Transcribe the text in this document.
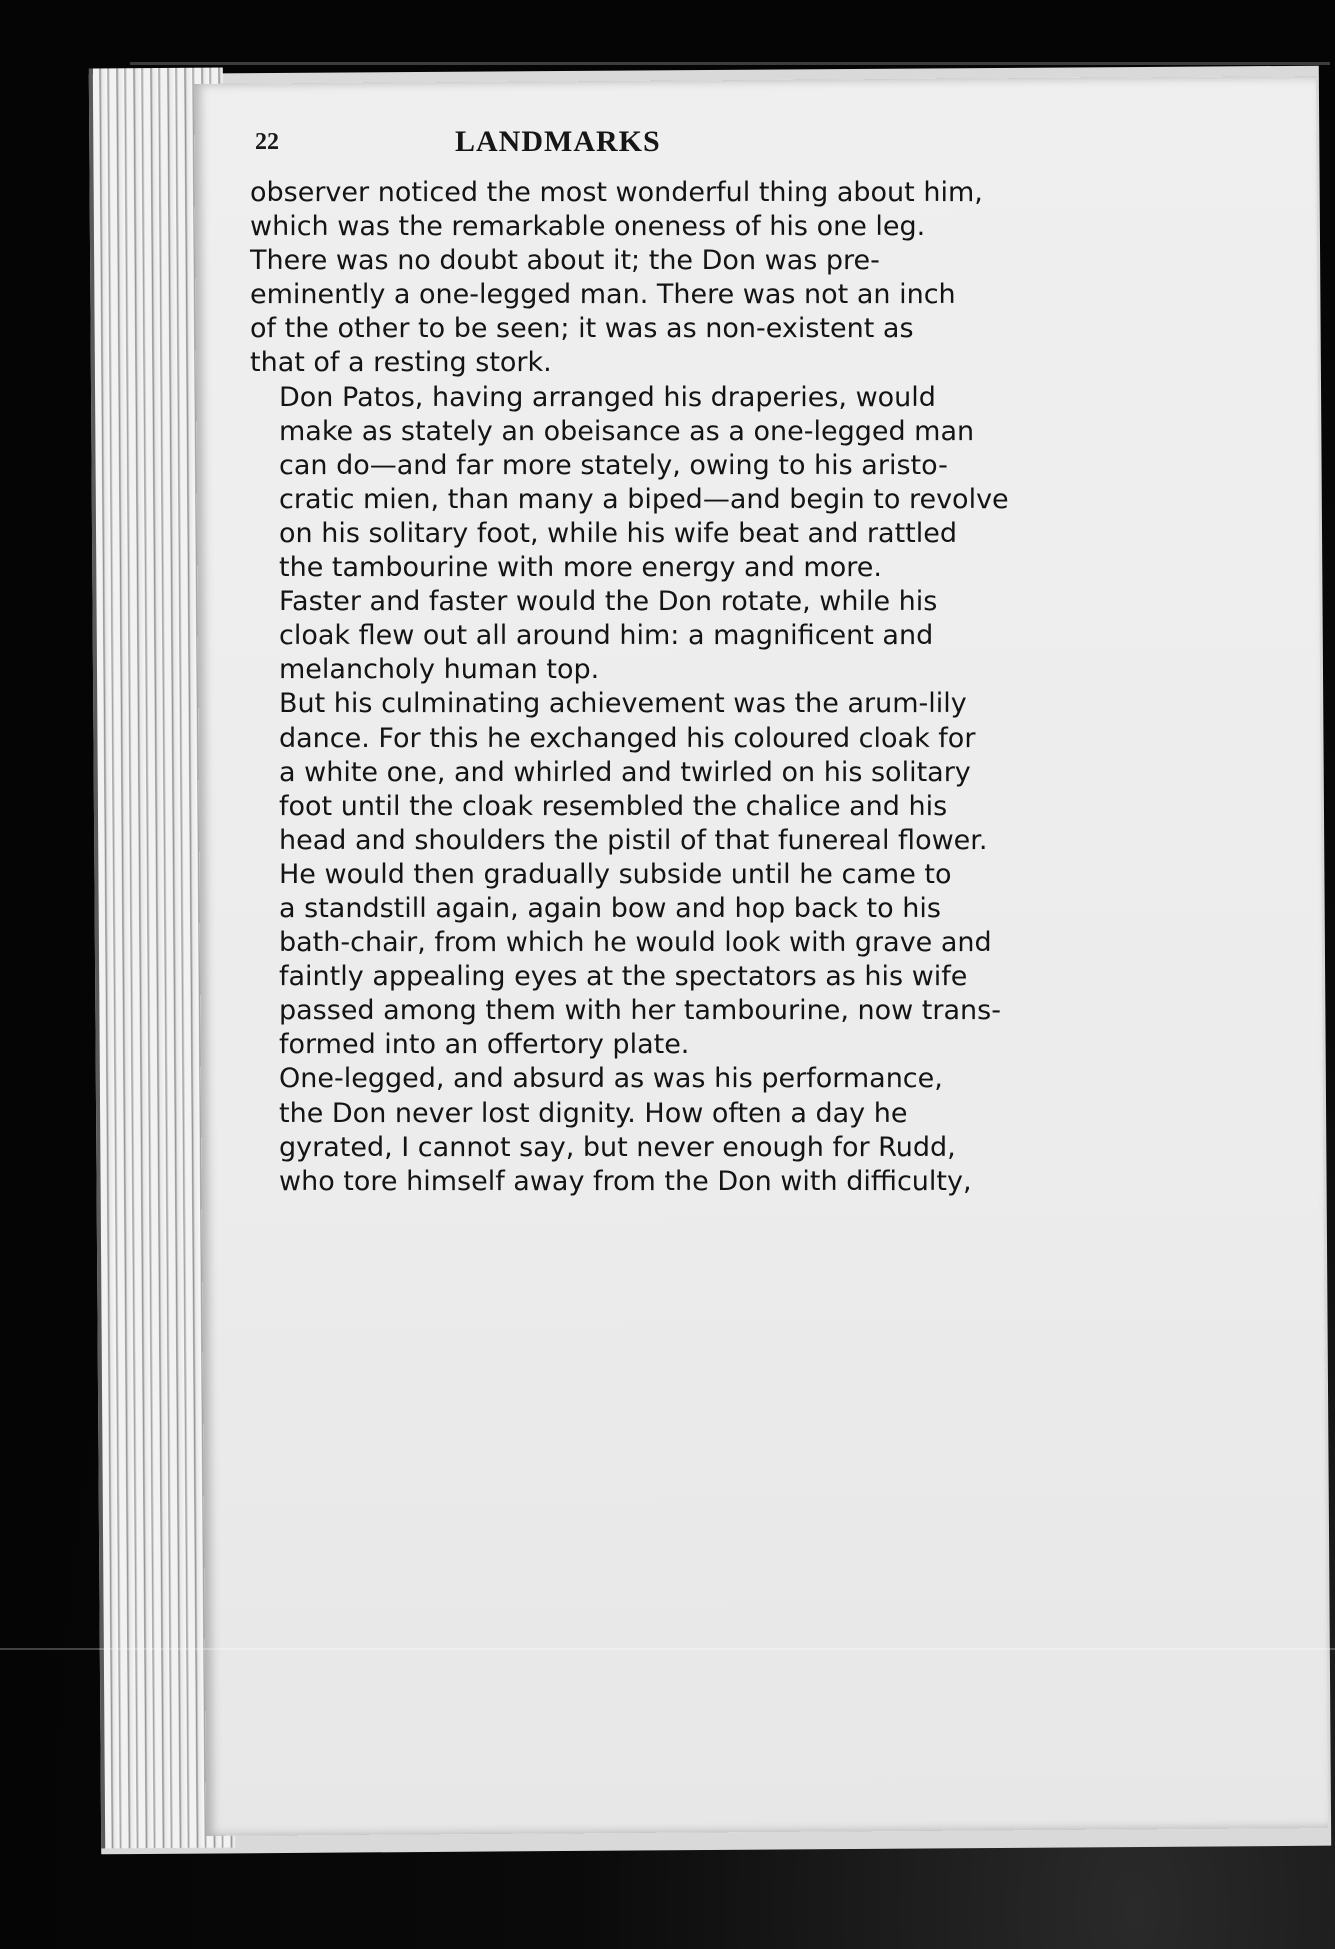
22	LANDMARKS

observer noticed the most wonderful thing about him,
which was the remarkable oneness of his one leg.
There was no doubt about it; the Don was pre-
eminently a one-legged man. There was not an inch
of the other to be seen; it was as non-existent as
that of a resting stork.

Don Patos, having arranged his draperies, would
make as stately an obeisance as a one-legged man
can do—and far more stately, owing to his aristo-
cratic mien, than many a biped—and begin to revolve
on his solitary foot, while his wife beat and rattled
the tambourine with more energy and more.

Faster and faster would the Don rotate, while his
cloak flew out all around him: a magnificent and
melancholy human top.

But his culminating achievement was the arum-lily
dance. For this he exchanged his coloured cloak for
a white one, and whirled and twirled on his solitary
foot until the cloak resembled the chalice and his
head and shoulders the pistil of that funereal flower.

He would then gradually subside until he came to
a standstill again, again bow and hop back to his
bath-chair, from which he would look with grave and
faintly appealing eyes at the spectators as his wife
passed among them with her tambourine, now trans-
formed into an offertory plate.

One-legged, and absurd as was his performance,
the Don never lost dignity. How often a day he
gyrated, I cannot say, but never enough for Rudd,
who tore himself away from the Don with difficulty,
